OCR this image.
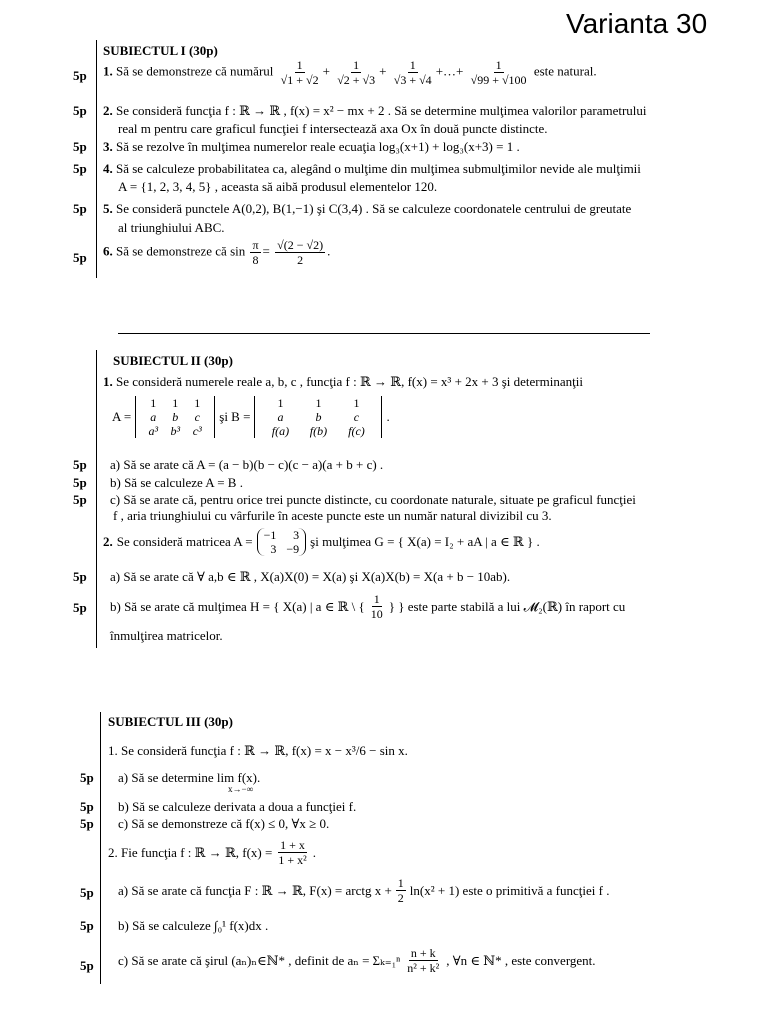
Varianta 30
SUBIECTUL I (30p)
5p 1. Să se demonstreze că numărul $\frac{1}{√1 + √2} + \frac{1}{√2 + √3} + \frac{1}{√3 + √4}$ +…+ $\frac{1}{√99 + √100}$ este natural.
5p 2. Se consideră funcţia f : ℝ → ℝ , f(x) = x² − mx + 2 . Să se determine mulţimea valorilor parametrului
real m pentru care graficul funcţiei f intersectează axa Ox în două puncte distincte.
5p 3. Să se rezolve în mulţimea numerelor reale ecuaţia log₃(x+1) + log₃(x+3) = 1 .
5p 4. Să se calculeze probabilitatea ca, alegând o mulţime din mulţimea submulţimilor nevide ale mulţimii
A = {1, 2, 3, 4, 5} , aceasta să aibă produsul elementelor 120.
5p 5. Se consideră punctele A(0,2), B(1,−1) şi C(3,4) . Să se calculeze coordonatele centrului de greutate
al triunghiului ABC.
5p 6. Să se demonstreze că $\sin \frac{\pi}{8} = \frac{√(2 - √2)}{2}$ .
SUBIECTUL II (30p)
1. Se consideră numerele reale a, b, c , funcţia f : ℝ → ℝ, f(x) = x³ + 2x + 3 şi determinanţii
A =
1	1	1
a	b	c
a³	b³	c³
şi B =
1	1	1
a	b	c
f(a)	f(b)	f(c)
.
5p a) Să se arate că A = (a − b)(b − c)(c − a)(a + b + c) .
5p b) Să se calculeze A = B .
5p c) Să se arate că, pentru orice trei puncte distincte, cu coordonate naturale, situate pe graficul funcţiei
f , aria triunghiului cu vârfurile în aceste puncte este un număr natural divizibil cu 3.
2. Se consideră matricea A = −1	3
3 −9 şi mulţimea G = { X(a) = I₂ + aA | a ∈ ℝ } .
5p a) Să se arate că ∀ a,b ∈ ℝ , X(a)X(0) = X(a) şi X(a)X(b) = X(a + b − 10ab).
5p b) Să se arate că mulţimea H = { X(a) | a ∈ ℝ \ { 1
10
} } este parte stabilă a lui 𝓜₂(ℝ) în raport cu
înmulţirea matricelor.
SUBIECTUL III (30p)
1. Se consideră funcţia f : ℝ → ℝ, f(x) = x − x³/6 − sin x.
5p a) Să se determine lim f(x).
x→−∞
5p b) Să se calculeze derivata a doua a funcţiei f.
5p c) Să se demonstreze că f(x) ≤ 0, ∀x ≥ 0.
2. Fie funcţia f : ℝ → ℝ, $f(x) = \frac{1 + x}{\text{1 + x²}}$ .
5p a) Să se arate că funcţia F : ℝ → ℝ, F(x) = arctg $x + \frac{1}{2} \ln(x^2 + 1)$ este o primitivă a funcţiei f .
5p b) Să se calculeze ∫₀¹ f(x)dx .
5p c) Să se arate că şirul (aₙ)ₙ∈ℕ* , definit de aₙ = Σₖ₌₁ⁿ n + k
n² + k²
, ∀n ∈ ℕ* , este convergent.
